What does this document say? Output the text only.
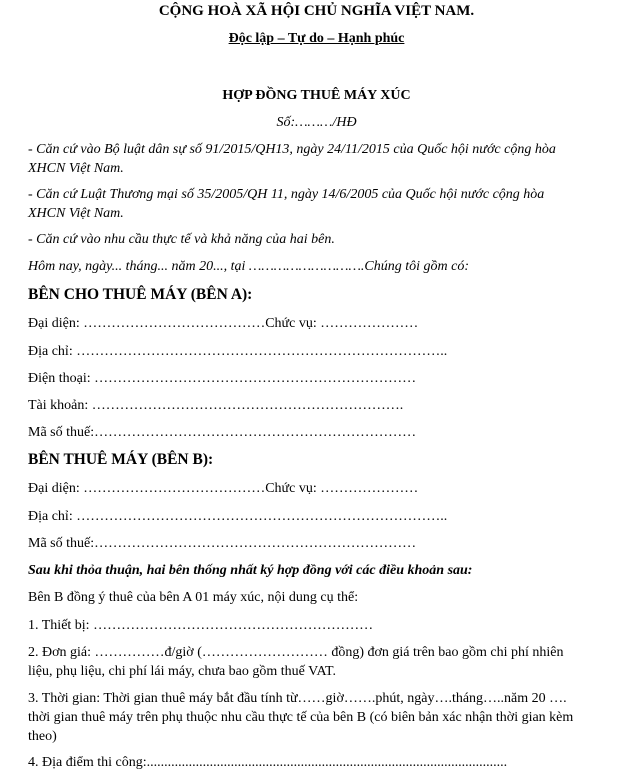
CỘNG HOÀ XÃ HỘI CHỦ NGHĨA VIỆT NAM.
Độc lập – Tự do – Hạnh phúc
HỢP ĐỒNG THUÊ MÁY XÚC
Số:………/HĐ
- Căn cứ vào Bộ luật dân sự số 91/2015/QH13, ngày 24/11/2015 của Quốc hội nước cộng hòa
XHCN Việt Nam.
- Căn cứ Luật Thương mại số 35/2005/QH 11, ngày 14/6/2005 của Quốc hội nước cộng hòa
XHCN Việt Nam.
- Căn cứ vào nhu cầu thực tế và khả năng của hai bên.
Hôm nay, ngày... tháng... năm 20..., tại ……………………….Chúng tôi gồm có:
BÊN CHO THUÊ MÁY (BÊN A):
Đại diện: …………………………………Chức vụ: …………………
Địa chỉ: ……………………………………………………………………..
Điện thoại: ……………………………………………………………
Tài khoản: ………………………………………………………….
Mã số thuế:……………………………………………………………
BÊN THUÊ MÁY (BÊN B):
Đại diện: …………………………………Chức vụ: …………………
Địa chỉ: ……………………………………………………………………..
Mã số thuế:……………………………………………………………
Sau khi thỏa thuận, hai bên thống nhất ký hợp đồng với các điều khoản sau:
Bên B đồng ý thuê của bên A 01 máy xúc, nội dung cụ thể:
1. Thiết bị: ……………………………………………………
2. Đơn giá: ……………đ/giờ (……………………… đồng) đơn giá trên bao gồm chi phí nhiên
liệu, phụ liệu, chi phí lái máy, chưa bao gồm thuế VAT.
3. Thời gian: Thời gian thuê máy bắt đầu tính từ……giờ…….phút, ngày….tháng…..năm 20 ….
thời gian thuê máy trên phụ thuộc nhu cầu thực tế của bên B (có biên bản xác nhận thời gian kèm
theo)
4. Địa điểm thi công:.......................................................................................................
